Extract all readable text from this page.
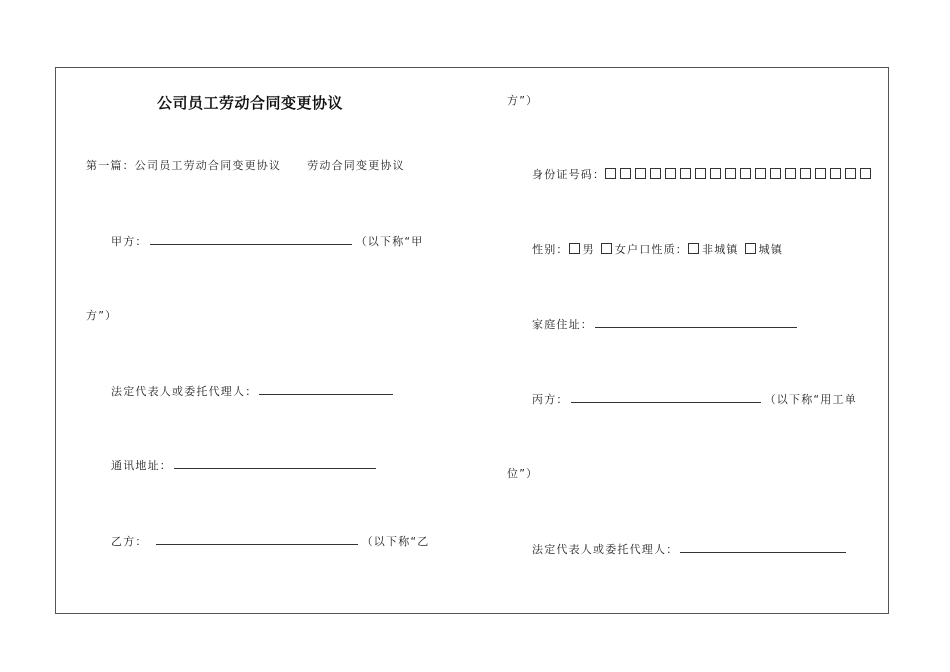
公司员工劳动合同变更协议
第一篇：公司员工劳动合同变更协议 劳动合同变更协议
甲方：	（以下称“甲
方”）
法定代表人或委托代理人：
通讯地址：
乙方：	（以下称“乙
方”）
身份证号码：
性别： 男 女户口性质： 非城镇 城镇
家庭住址：
丙方：	（以下称“用工单
位”）
法定代表人或委托代理人：
